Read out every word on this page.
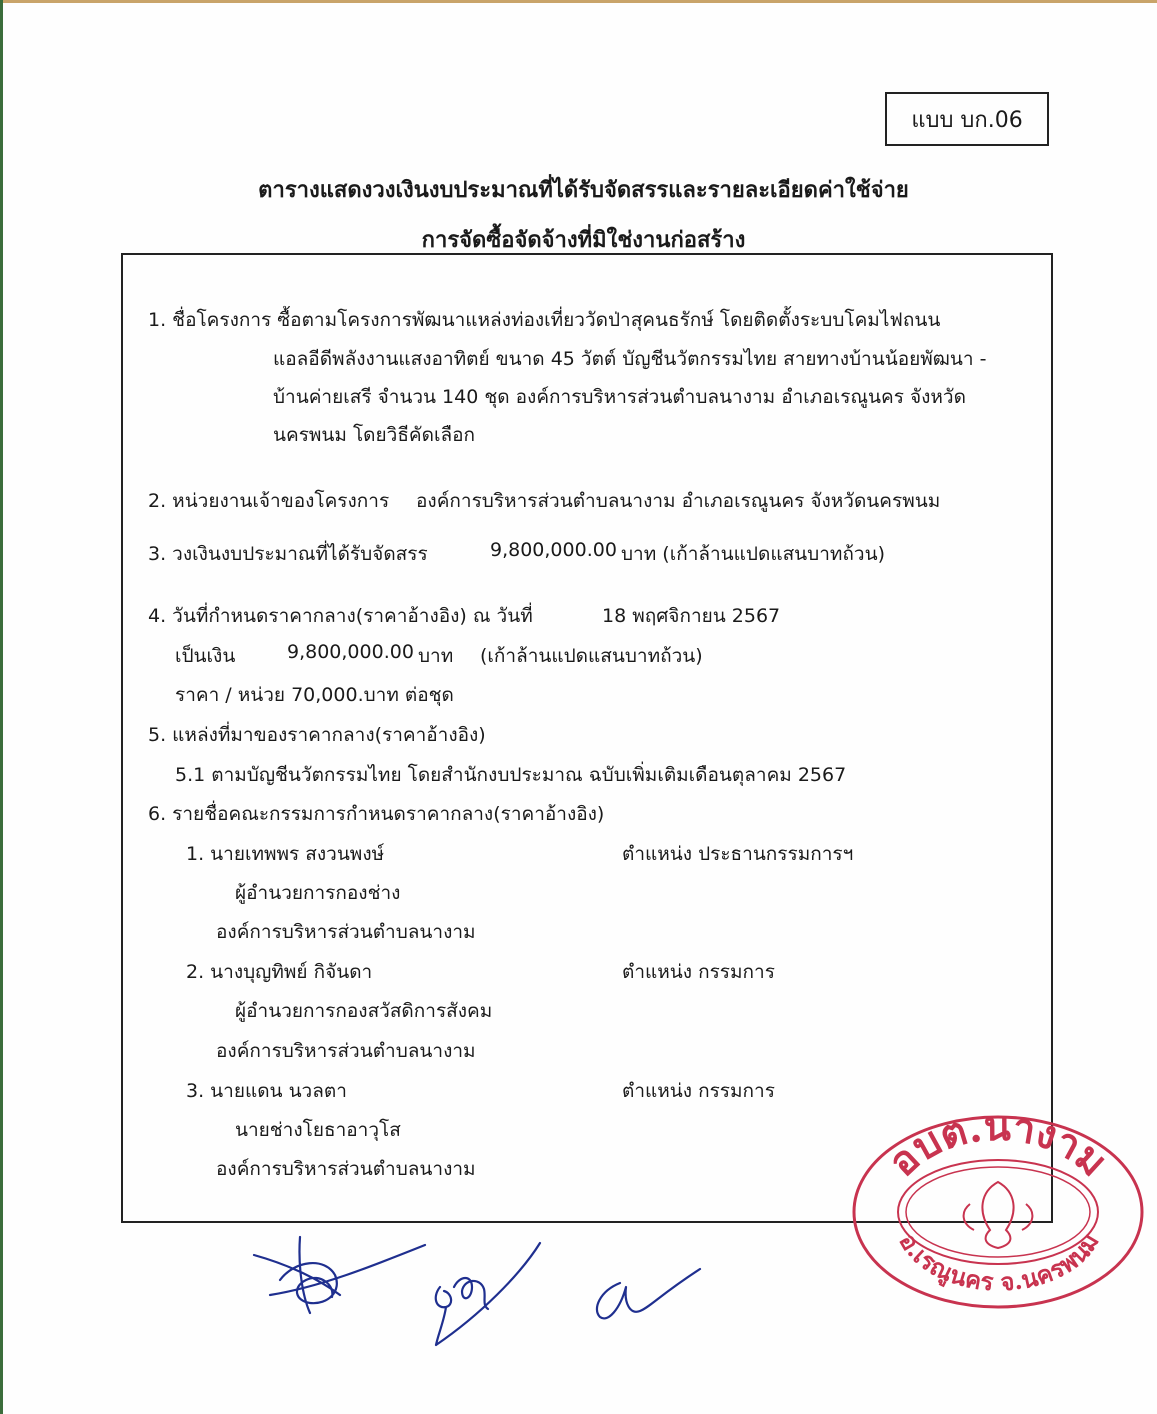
แบบ บก.06
ตารางแสดงวงเงินงบประมาณที่ได้รับจัดสรรและรายละเอียดค่าใช้จ่าย
การจัดซื้อจัดจ้างที่มิใช่งานก่อสร้าง
1. ชื่อโครงการ ซื้อตามโครงการพัฒนาแหล่งท่องเที่ยววัดป่าสุคนธรักษ์ โดยติดตั้งระบบโคมไฟถนน
แอลอีดีพลังงานแสงอาทิตย์ ขนาด 45 วัตต์ บัญชีนวัตกรรมไทย สายทางบ้านน้อยพัฒนา -
บ้านค่ายเสรี จำนวน 140 ชุด องค์การบริหารส่วนตำบลนางาม อำเภอเรณูนคร จังหวัด
นครพนม โดยวิธีคัดเลือก
2. หน่วยงานเจ้าของโครงการ องค์การบริหารส่วนตำบลนางาม อำเภอเรณูนคร จังหวัดนครพนม
3. วงเงินงบประมาณที่ได้รับจัดสรร	9,800,000.00 บาท (เก้าล้านแปดแสนบาทถ้วน)
4. วันที่กำหนดราคากลาง(ราคาอ้างอิง) ณ วันที่	18 พฤศจิกายน 2567
เป็นเงิน	9,800,000.00 บาท (เก้าล้านแปดแสนบาทถ้วน)
ราคา / หน่วย 70,000.บาท ต่อชุด
5. แหล่งที่มาของราคากลาง(ราคาอ้างอิง)
5.1 ตามบัญชีนวัตกรรมไทย โดยสำนักงบประมาณ ฉบับเพิ่มเติมเดือนตุลาคม 2567
6. รายชื่อคณะกรรมการกำหนดราคากลาง(ราคาอ้างอิง)
1. นายเทพพร สงวนพงษ์	ตำแหน่ง ประธานกรรมการฯ
ผู้อำนวยการกองช่าง
องค์การบริหารส่วนตำบลนางาม
2. นางบุญทิพย์ กิจันดา	ตำแหน่ง กรรมการ
ผู้อำนวยการกองสวัสดิการสังคม
องค์การบริหารส่วนตำบลนางาม
3. นายแดน นวลตา	ตำแหน่ง กรรมการ
นายช่างโยธาอาวุโส
องค์การบริหารส่วนตำบลนางาม	อบต.นางาม
อ.เรณูนคร จ.นครพนม
